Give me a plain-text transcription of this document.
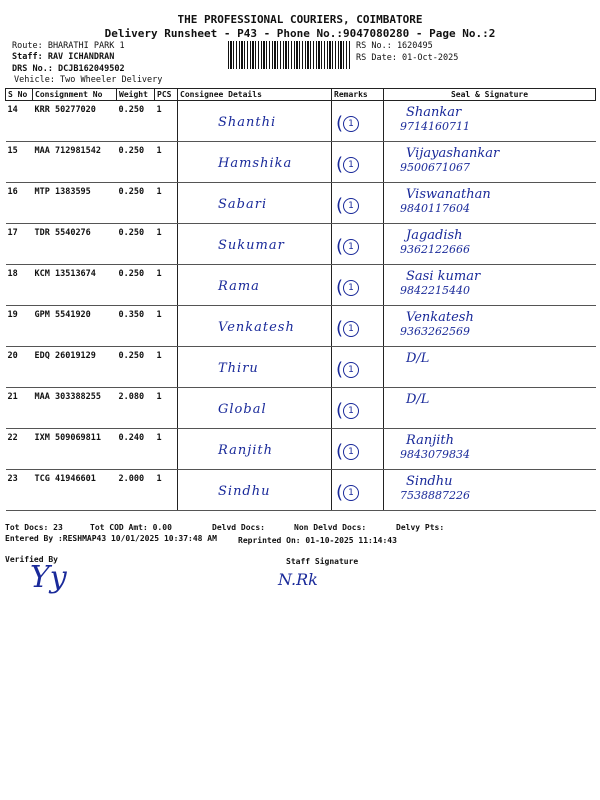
THE PROFESSIONAL COURIERS, COIMBATORE
Delivery Runsheet - P43 - Phone No.:9047080280 - Page No.:2
Route: BHARATHI PARK 1
Staff: RAV ICHANDRAN
DRS No.: DCJB162049502
Vehicle: Two Wheeler Delivery
RS No.: 1620495
RS Date: 01-Oct-2025
S No	Consignment No	Weight	PCS	Consignee Details	Remarks	Seal & Signature

14	KRR 50277020	0.250	1	Shanthi	( 1	Shankar
9714160711

15	MAA 712981542	0.250	1	Hamshika	( 1	Vijayashankar
9500671067

16	MTP 1383595	0.250	1	Sabari	( 1	Viswanathan
9840117604

17	TDR 5540276	0.250	1	Sukumar	( 1	Jagadish
9362122666

18	KCM 13513674	0.250	1	Rama	( 1	Sasi kumar
9842215440

19	GPM 5541920	0.350	1	Venkatesh	( 1	Venkatesh
9363262569

20	EDQ 26019129	0.250	1	Thiru	( 1	D/L

21	MAA 303388255	2.080	1	Global	( 1	D/L

22	IXM 509069811	0.240	1	Ranjith	( 1	Ranjith
9843079834

23	TCG 41946601	2.000	1	Sindhu	( 1	Sindhu
7538887226
Tot Docs: 23	Tot COD Amt: 0.00	Delvd Docs:	Non Delvd Docs:	Delvy Pts:
Entered By :RESHMAP43 10/01/2025 10:37:48 AM	Reprinted On: 01-10-2025 11:14:43
Verified By	Staff Signature
Yy	N.Rk
